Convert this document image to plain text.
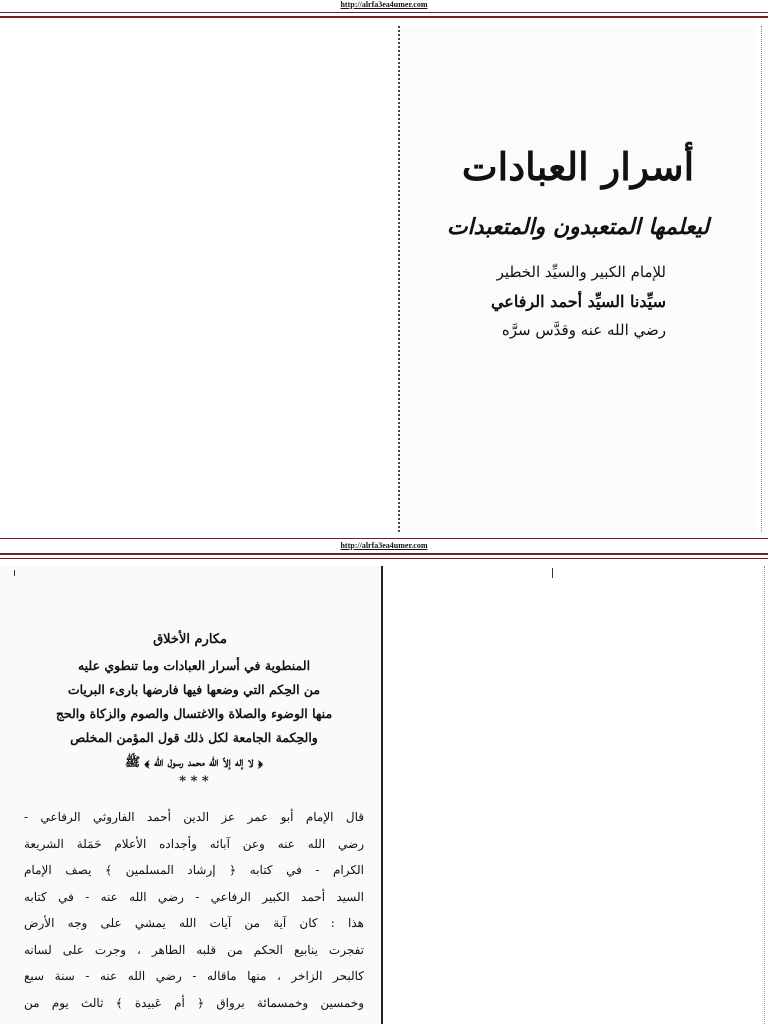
http://alrfa3ea4umer.com
أسرار العبادات
ليعلمها المتعبدون والمتعبدات
للإمام الكبير والسيِّد الخطير
سيِّدنا السيِّد أحمد الرفاعي
رضي الله عنه وقدَّس سرَّه
http://alrfa3ea4umer.com
مكارم الأخلاق
المنطوية في أسرار العبادات وما تنطوي عليه
من الحِكم التي وضعها فيها فارضها بارىء البريات
منها الوضوء والصلاة والاغتسال والصوم والزكاة والحج
والحِكمة الجامعة لكل ذلك قول المؤمن المخلص
﴿ لا إله إلاّ الله محمد رسول الله ﴾ ﷺ
* * *
قال الإمام أبو عمر عز الدين أحمد الفاروثي الرفاعي -
رضي الله عنه وعن آبائه وأجداده الأعلام حَمَلة الشريعة
الكرام - في كتابه ﴿ إرشاد المسلمين ﴾ يصف الإمام
السيد أحمد الكبير الرفاعي - رضي الله عنه - في كتابه
هذا : كان آية من آيات الله يمشي على وجه الأرض
تفجرت ينابيع الحكم من قلبه الطاهر ، وجرت على لسانه
كالبحر الزاخر ، منها ماقاله - رضي الله عنه - سنة سبع
وخمسين وخمسمائة برواق ﴿ أم عَبيدة ﴾ ثالث يوم من
